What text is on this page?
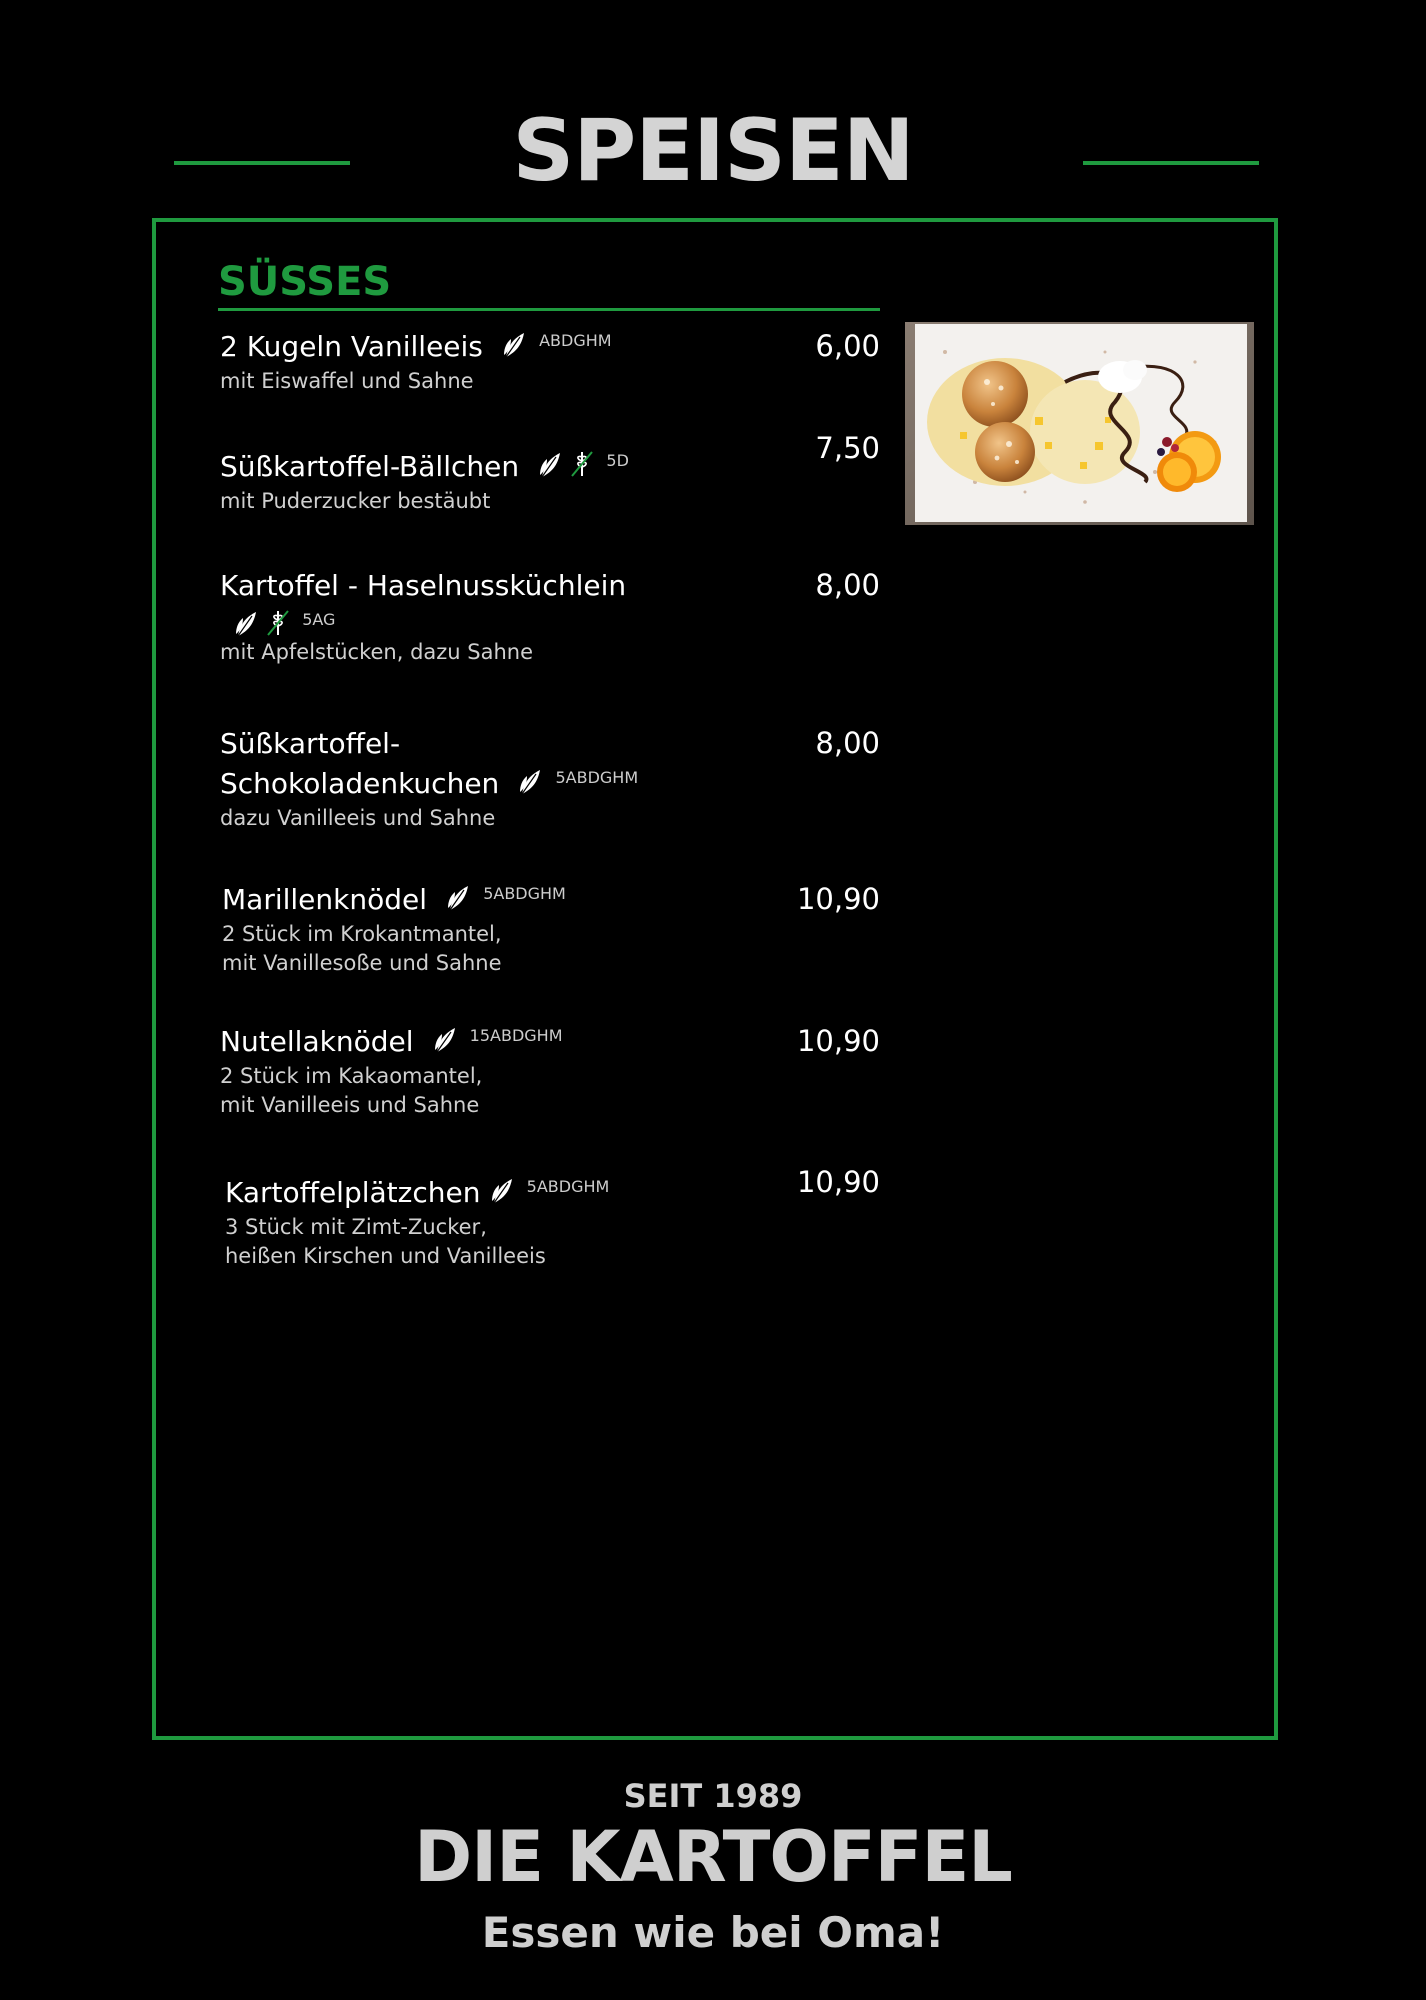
SPEISEN
SÜSSES
2 Kugeln Vanilleeis	ABDGHM
mit Eiswaffel und Sahne
6,00
Süßkartoffel-Bällchen	5D
mit Puderzucker bestäubt
7,50
Kartoffel - Haselnussküchlein   5AG
mit Apfelstücken, dazu Sahne
8,00
Süßkartoffel- Schokoladenkuchen	5ABDGHM
dazu Vanilleeis und Sahne
8,00
Marillenknödel	5ABDGHM
2 Stück im Krokantmantel,
mit Vanillesoße und Sahne
10,90
Nutellaknödel	15ABDGHM
2 Stück im Kakaomantel,
mit Vanilleeis und Sahne
10,90
Kartoffelplätzchen	5ABDGHM
3 Stück mit Zimt-Zucker,
heißen Kirschen und Vanilleeis
10,90
SEIT 1989
DIE KARTOFFEL
Essen wie bei Oma!
